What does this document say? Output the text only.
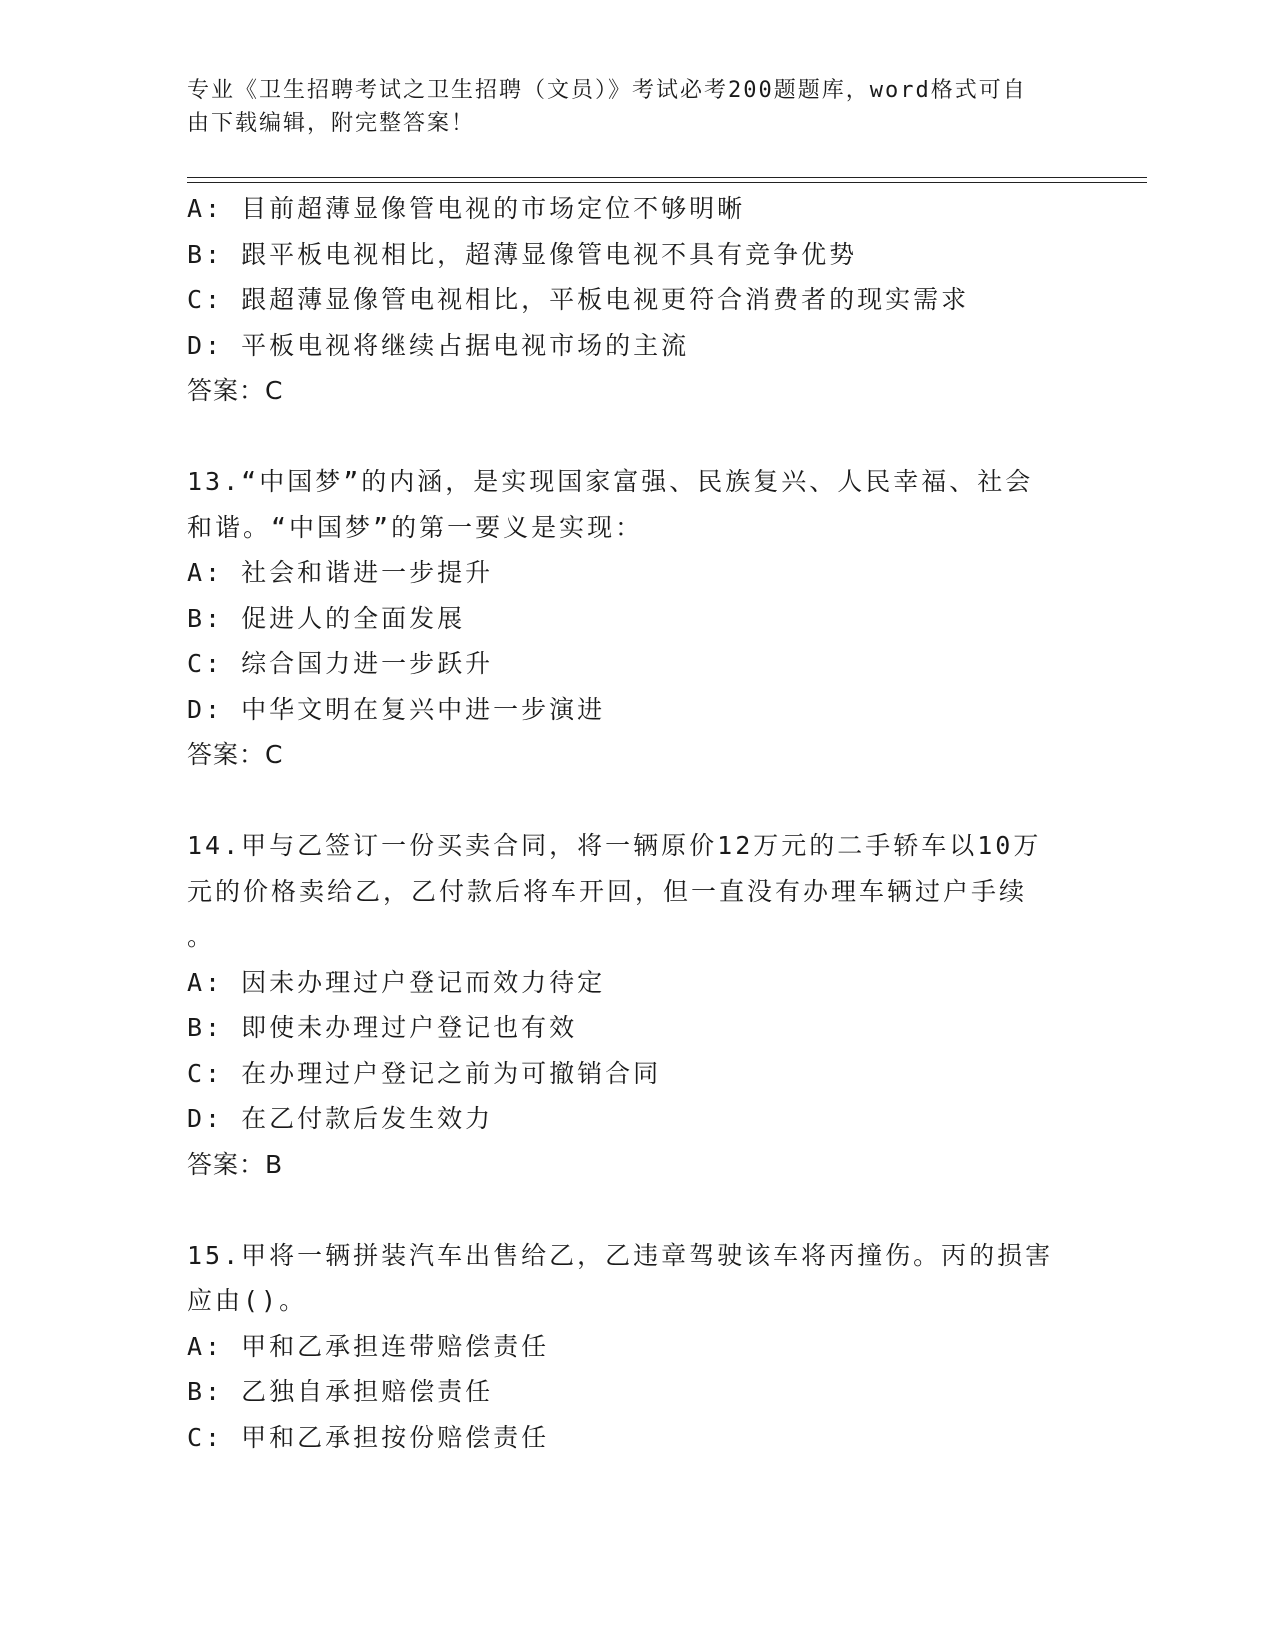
专业《卫生招聘考试之卫生招聘（文员）》考试必考200题题库，word格式可自
由下载编辑，附完整答案！
A: 目前超薄显像管电视的市场定位不够明晰
B: 跟平板电视相比，超薄显像管电视不具有竞争优势
C: 跟超薄显像管电视相比，平板电视更符合消费者的现实需求
D: 平板电视将继续占据电视市场的主流
答案：C
13.“中国梦”的内涵，是实现国家富强、民族复兴、人民幸福、社会
和谐。“中国梦”的第一要义是实现：
A: 社会和谐进一步提升
B: 促进人的全面发展
C: 综合国力进一步跃升
D: 中华文明在复兴中进一步演进
答案：C
14.甲与乙签订一份买卖合同，将一辆原价12万元的二手轿车以10万
元的价格卖给乙，乙付款后将车开回，但一直没有办理车辆过户手续
。
A: 因未办理过户登记而效力待定
B: 即使未办理过户登记也有效
C: 在办理过户登记之前为可撤销合同
D: 在乙付款后发生效力
答案：B
15.甲将一辆拼装汽车出售给乙，乙违章驾驶该车将丙撞伤。丙的损害
应由()。
A: 甲和乙承担连带赔偿责任
B: 乙独自承担赔偿责任
C: 甲和乙承担按份赔偿责任
